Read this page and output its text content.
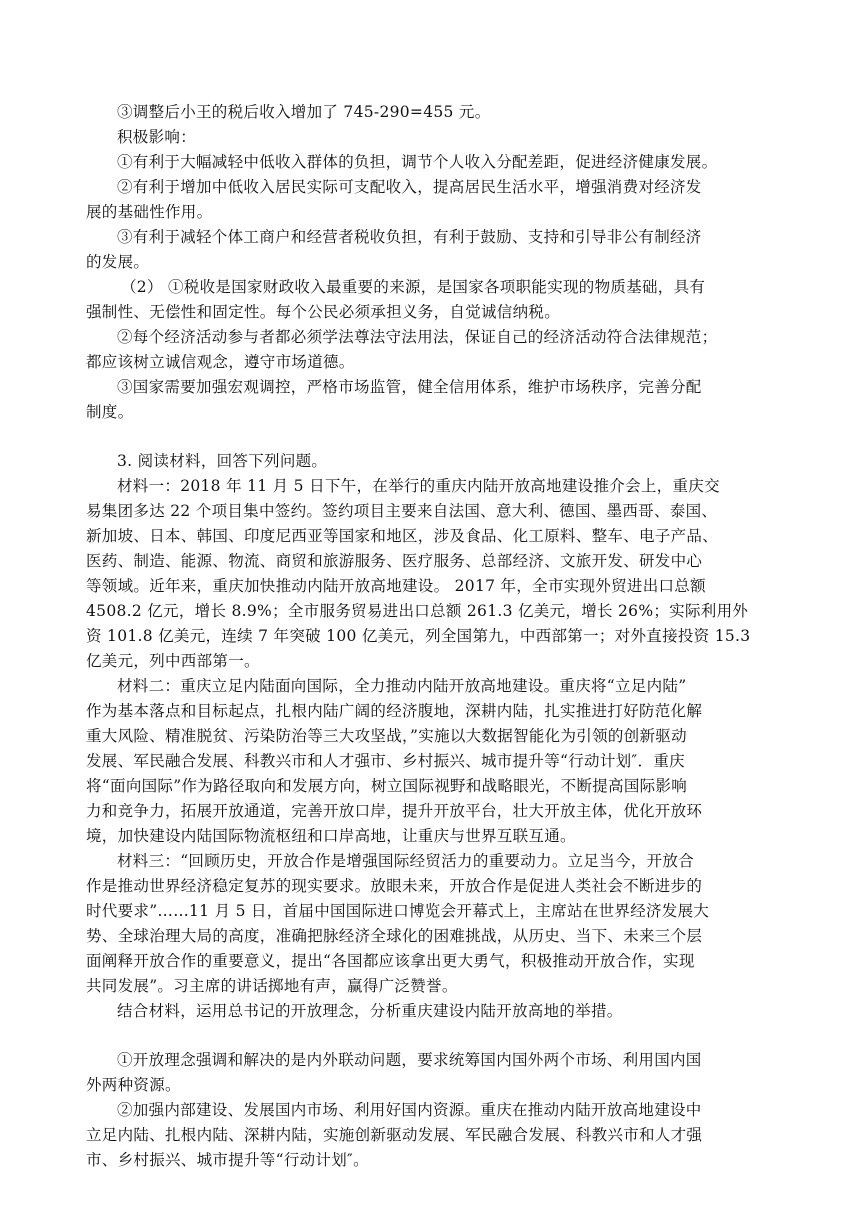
③调整后小王的税后收入增加了 745-290=455 元。
积极影响：
①有利于大幅减轻中低收入群体的负担，调节个人收入分配差距，促进经济健康发展。
②有利于增加中低收入居民实际可支配收入，提高居民生活水平，增强消费对经济发
展的基础性作用。
③有利于减轻个体工商户和经营者税收负担，有利于鼓励、支持和引导非公有制经济
的发展。
（2） ①税收是国家财政收入最重要的来源，是国家各项职能实现的物质基础，具有
强制性、无偿性和固定性。每个公民必须承担义务，自觉诚信纳税。
②每个经济活动参与者都必须学法尊法守法用法，保证自己的经济活动符合法律规范；
都应该树立诚信观念，遵守市场道德。
③国家需要加强宏观调控，严格市场监管，健全信用体系，维护市场秩序，完善分配
制度。
3. 阅读材料，回答下列问题。
材料一：2018 年 11 月 5 日下午，在举行的重庆内陆开放高地建设推介会上，重庆交
易集团多达 22 个项目集中签约。签约项目主要来自法国、意大利、德国、墨西哥、泰国、
新加坡、日本、韩国、印度尼西亚等国家和地区，涉及食品、化工原料、整车、电子产品、
医药、制造、能源、物流、商贸和旅游服务、医疗服务、总部经济、文旅开发、研发中心
等领域。近年来，重庆加快推动内陆开放高地建设。 2017 年，全市实现外贸进出口总额
4508.2 亿元，增长 8.9%；全市服务贸易进出口总额 261.3 亿美元，增长 26%；实际利用外
资 101.8 亿美元，连续 7 年突破 100 亿美元，列全国第九，中西部第一；对外直接投资 15.3
亿美元，列中西部第一。
材料二：重庆立足内陆面向国际，全力推动内陆开放高地建设。重庆将“立足内陆”
作为基本落点和目标起点，扎根内陆广阔的经济腹地，深耕内陆，扎实推进打好防范化解
重大风险、精准脱贫、污染防治等三大攻坚战，”实施以大数据智能化为引领的创新驱动
发展、军民融合发展、科教兴市和人才强市、乡村振兴、城市提升等“行动计划″．重庆
将“面向国际”作为路径取向和发展方向，树立国际视野和战略眼光，不断提高国际影响
力和竞争力，拓展开放通道，完善开放口岸，提升开放平台，壮大开放主体，优化开放环
境，加快建设内陆国际物流枢纽和口岸高地，让重庆与世界互联互通。
材料三：“回顾历史，开放合作是增强国际经贸活力的重要动力。立足当今，开放合
作是推动世界经济稳定复苏的现实要求。放眼未来，开放合作是促进人类社会不断进步的
时代要求”……11 月 5 日，首届中国国际进口博览会开幕式上，主席站在世界经济发展大
势、全球治理大局的高度，准确把脉经济全球化的困难挑战，从历史、当下、未来三个层
面阐释开放合作的重要意义，提出“各国都应该拿出更大勇气，积极推动开放合作，实现
共同发展”。习主席的讲话掷地有声，赢得广泛赞誉。
结合材料，运用总书记的开放理念，分析重庆建设内陆开放高地的举措。
①开放理念强调和解决的是内外联动问题，要求统筹国内国外两个市场、利用国内国
外两种资源。
②加强内部建设、发展国内市场、利用好国内资源。重庆在推动内陆开放高地建设中
立足内陆、扎根内陆、深耕内陆，实施创新驱动发展、军民融合发展、科教兴市和人才强
市、乡村振兴、城市提升等“行动计划″。
